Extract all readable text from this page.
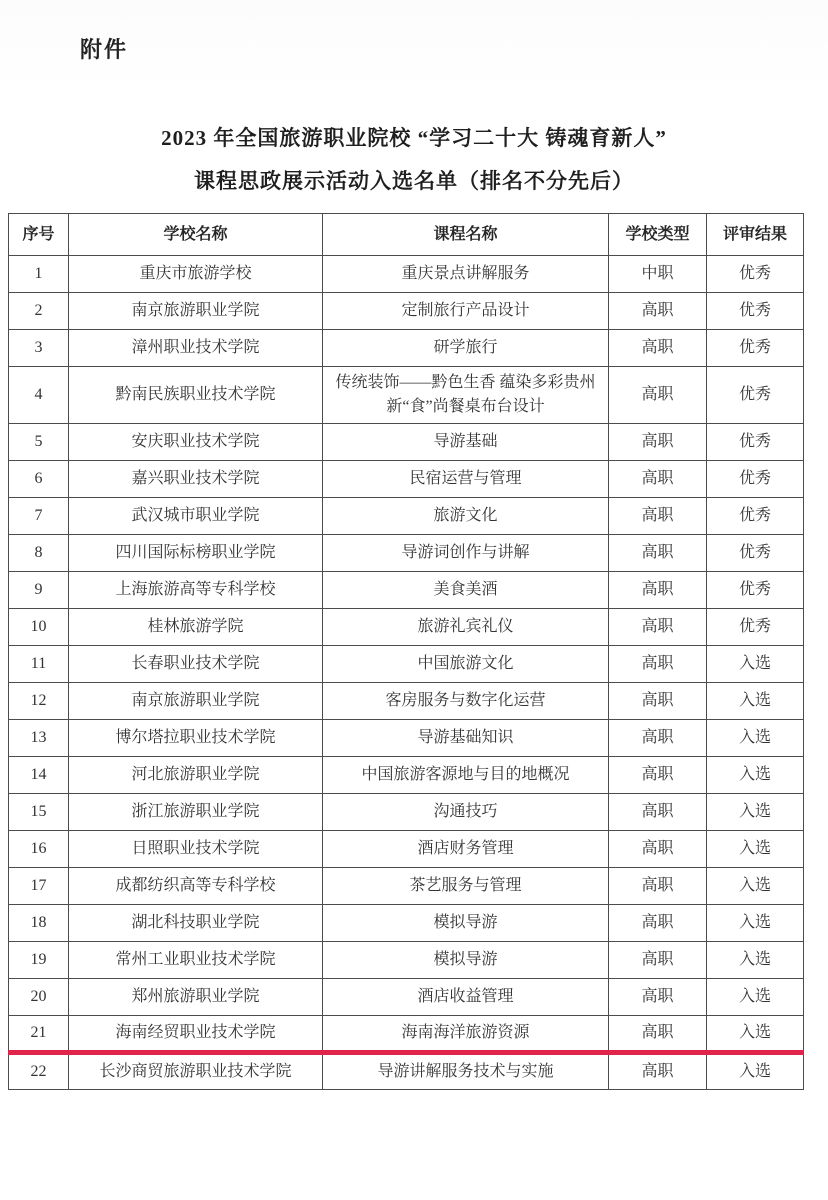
附件
2023 年全国旅游职业院校 “学习二十大 铸魂育新人”
课程思政展示活动入选名单（排名不分先后）
序号	学校名称	课程名称	学校类型	评审结果
1	重庆市旅游学校	重庆景点讲解服务	中职	优秀
2	南京旅游职业学院	定制旅行产品设计	高职	优秀
3	漳州职业技术学院	研学旅行	高职	优秀
4	黔南民族职业技术学院	传统装饰——黔色生香 蕴染多彩贵州新“食”尚餐桌布台设计	高职	优秀
5	安庆职业技术学院	导游基础	高职	优秀
6	嘉兴职业技术学院	民宿运营与管理	高职	优秀
7	武汉城市职业学院	旅游文化	高职	优秀
8	四川国际标榜职业学院	导游词创作与讲解	高职	优秀
9	上海旅游高等专科学校	美食美酒	高职	优秀
10	桂林旅游学院	旅游礼宾礼仪	高职	优秀
11	长春职业技术学院	中国旅游文化	高职	入选
12	南京旅游职业学院	客房服务与数字化运营	高职	入选
13	博尔塔拉职业技术学院	导游基础知识	高职	入选
14	河北旅游职业学院	中国旅游客源地与目的地概况	高职	入选
15	浙江旅游职业学院	沟通技巧	高职	入选
16	日照职业技术学院	酒店财务管理	高职	入选
17	成都纺织高等专科学校	茶艺服务与管理	高职	入选
18	湖北科技职业学院	模拟导游	高职	入选
19	常州工业职业技术学院	模拟导游	高职	入选
20	郑州旅游职业学院	酒店收益管理	高职	入选
21	海南经贸职业技术学院	海南海洋旅游资源	高职	入选
22	长沙商贸旅游职业技术学院	导游讲解服务技术与实施	高职	入选
